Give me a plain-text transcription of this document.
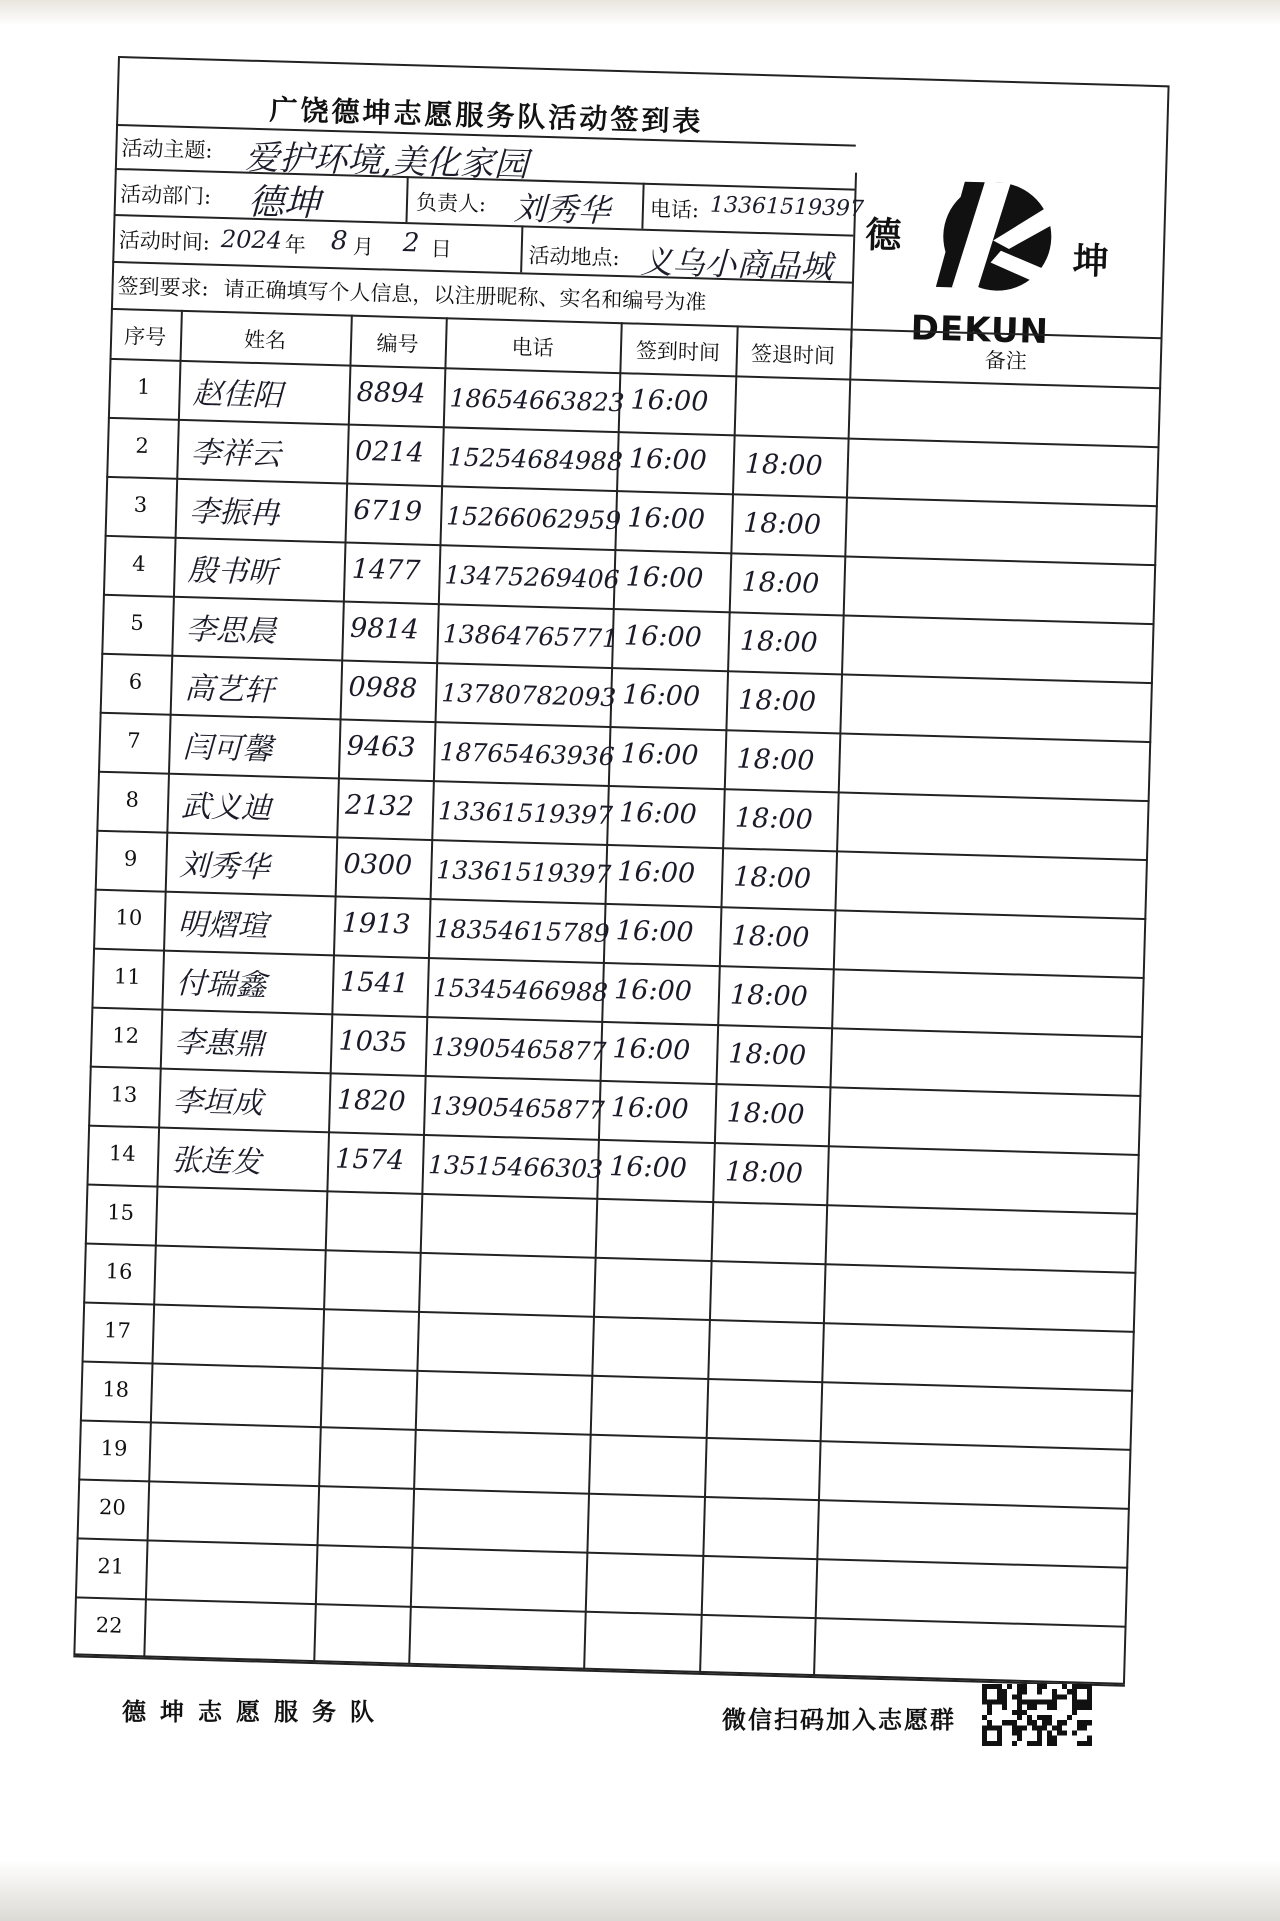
广饶德坤志愿服务队活动签到表
活动主题: 爱护环境,美化家园
活动部门: 德坤	负责人: 刘秀华 电话: 13361519397
活动时间: 2024 年 8 月 2 日	活动地点: 义乌小商品城
签到要求: 请正确填写个人信息，以注册昵称、实名和编号为准
德
坤
DEKUN
序号	姓名	编号	电话	签到时间	签退时间	备注
1	赵佳阳	8894 18654663823 16:00
2	李祥云	0214 15254684988 16:00 18:00
3	李振冉	6719 15266062959 16:00 18:00
4	殷书昕	1477 13475269406 16:00 18:00
5	李思晨	9814 13864765771 16:00 18:00
6	高艺轩	0988 13780782093 16:00 18:00
7	闫可馨	9463 18765463936 16:00 18:00
8	武义迪	2132 13361519397 16:00 18:00
9	刘秀华	0300 13361519397 16:00 18:00
10	明熠瑄	1913 18354615789 16:00 18:00
11	付瑞鑫	1541 15345466988 16:00 18:00
12	李惠鼎	1035 13905465877 16:00 18:00
13	李垣成	1820 13905465877 16:00 18:00
14	张连发	1574 13515466303 16:00 18:00
15
16
17
18
19
20
21
22
德坤志愿服务队	微信扫码加入志愿群
